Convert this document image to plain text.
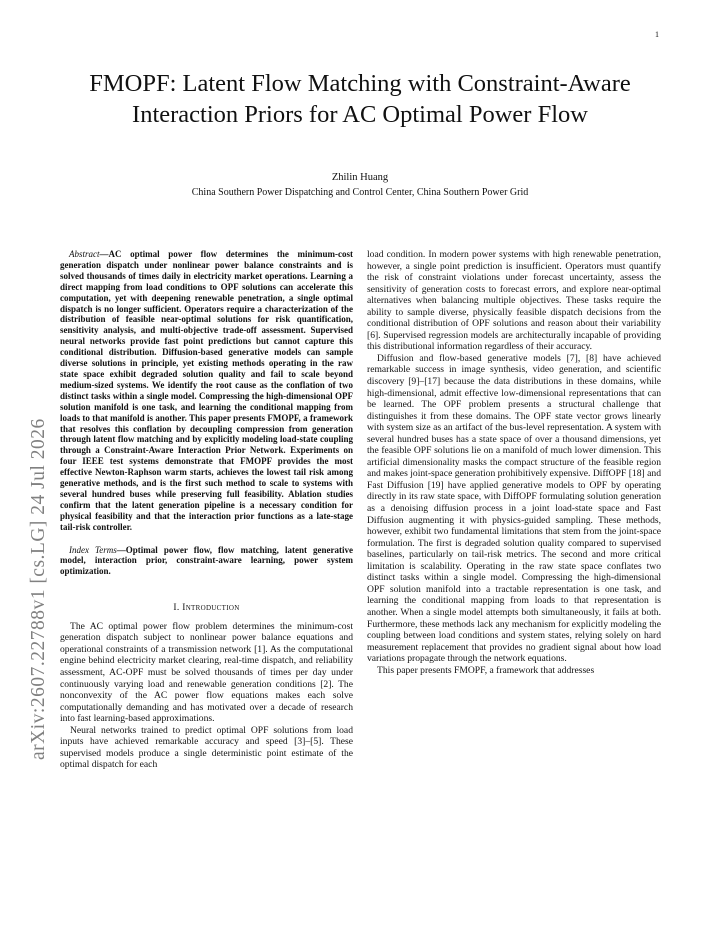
1
arXiv:2607.22788v1 [cs.LG] 24 Jul 2026
FMOPF: Latent Flow Matching with Constraint-Aware Interaction Priors for AC Optimal Power Flow
Zhilin Huang
China Southern Power Dispatching and Control Center, China Southern Power Grid

Abstract—AC optimal power flow determines the minimum-cost generation dispatch under nonlinear power balance constraints and is solved thousands of times daily in electricity market operations. Learning a direct mapping from load conditions to OPF solutions can accelerate this computation, yet with deepening renewable penetration, a single optimal dispatch is no longer sufficient. Operators require a characterization of the distribution of feasible near-optimal solutions for risk quantification, sensitivity analysis, and multi-objective trade-off assessment. Supervised neural networks provide fast point predictions but cannot capture this conditional distribution. Diffusion-based generative models can sample diverse solutions in principle, yet existing methods operating in the raw state space exhibit degraded solution quality and fail to scale beyond medium-sized systems. We identify the root cause as the conflation of two distinct tasks within a single model. Compressing the high-dimensional OPF solution manifold is one task, and learning the conditional mapping from loads to that manifold is another. This paper presents FMOPF, a framework that resolves this conflation by decoupling compression from generation through latent flow matching and by explicitly modeling load-state coupling through a Constraint-Aware Interaction Prior Network. Experiments on four IEEE test systems demonstrate that FMOPF provides the most effective Newton-Raphson warm starts, achieves the lowest tail risk among generative methods, and is the first such method to scale to systems with several hundred buses while preserving full feasibility. Ablation studies confirm that the latent generation pipeline is a necessary condition for physical feasibility and that the interaction prior functions as a late-stage tail-risk controller.

Index Terms—Optimal power flow, flow matching, latent generative model, interaction prior, constraint-aware learning, power system optimization.

I. Introduction

The AC optimal power flow problem determines the minimum-cost generation dispatch subject to nonlinear power balance equations and operational constraints of a transmission network [1]. As the computational engine behind electricity market clearing, real-time dispatch, and reliability assessment, AC-OPF must be solved thousands of times per day under continuously varying load and renewable generation conditions [2]. The nonconvexity of the AC power flow equations makes each solve computationally demanding and has motivated over a decade of research into fast learning-based approximations.

Neural networks trained to predict optimal OPF solutions from load inputs have achieved remarkable accuracy and speed [3]–[5]. These supervised models produce a single deterministic point estimate of the optimal dispatch for each

load condition. In modern power systems with high renewable penetration, however, a single point prediction is insufficient. Operators must quantify the risk of constraint violations under forecast uncertainty, assess the sensitivity of generation costs to forecast errors, and explore near-optimal alternatives when balancing multiple objectives. These tasks require the ability to sample diverse, physically feasible dispatch decisions from the conditional distribution of OPF solutions and reason about their variability [6]. Supervised regression models are architecturally incapable of providing this distributional information regardless of their accuracy.

Diffusion and flow-based generative models [7], [8] have achieved remarkable success in image synthesis, video generation, and scientific discovery [9]–[17] because the data distributions in these domains, while high-dimensional, admit effective low-dimensional representations that can be learned. The OPF problem presents a structural challenge that distinguishes it from these domains. The OPF state vector grows linearly with system size as an artifact of the bus-level representation. A system with several hundred buses has a state space of over a thousand dimensions, yet the feasible OPF solutions lie on a manifold of much lower dimension. This artificial dimensionality masks the compact structure of the feasible region and makes joint-space generation prohibitively expensive. DiffOPF [18] and Fast Diffusion [19] have applied generative models to OPF by operating directly in its raw state space, with DiffOPF formulating solution generation as a denoising diffusion process in a joint load-state space and Fast Diffusion augmenting it with physics-guided sampling. These methods, however, exhibit two fundamental limitations that stem from the joint-space formulation. The first is degraded solution quality compared to supervised baselines, particularly on tail-risk metrics. The second and more critical limitation is scalability. Operating in the raw state space conflates two distinct tasks within a single model. Compressing the high-dimensional OPF solution manifold into a tractable representation is one task, and learning the conditional mapping from loads to that representation is another. When a single model attempts both simultaneously, it fails at both. Furthermore, these methods lack any mechanism for explicitly modeling the coupling between load conditions and system states, relying solely on hard measurement replacement that provides no gradient signal about how load variations propagate through the network equations.

This paper presents FMOPF, a framework that addresses
